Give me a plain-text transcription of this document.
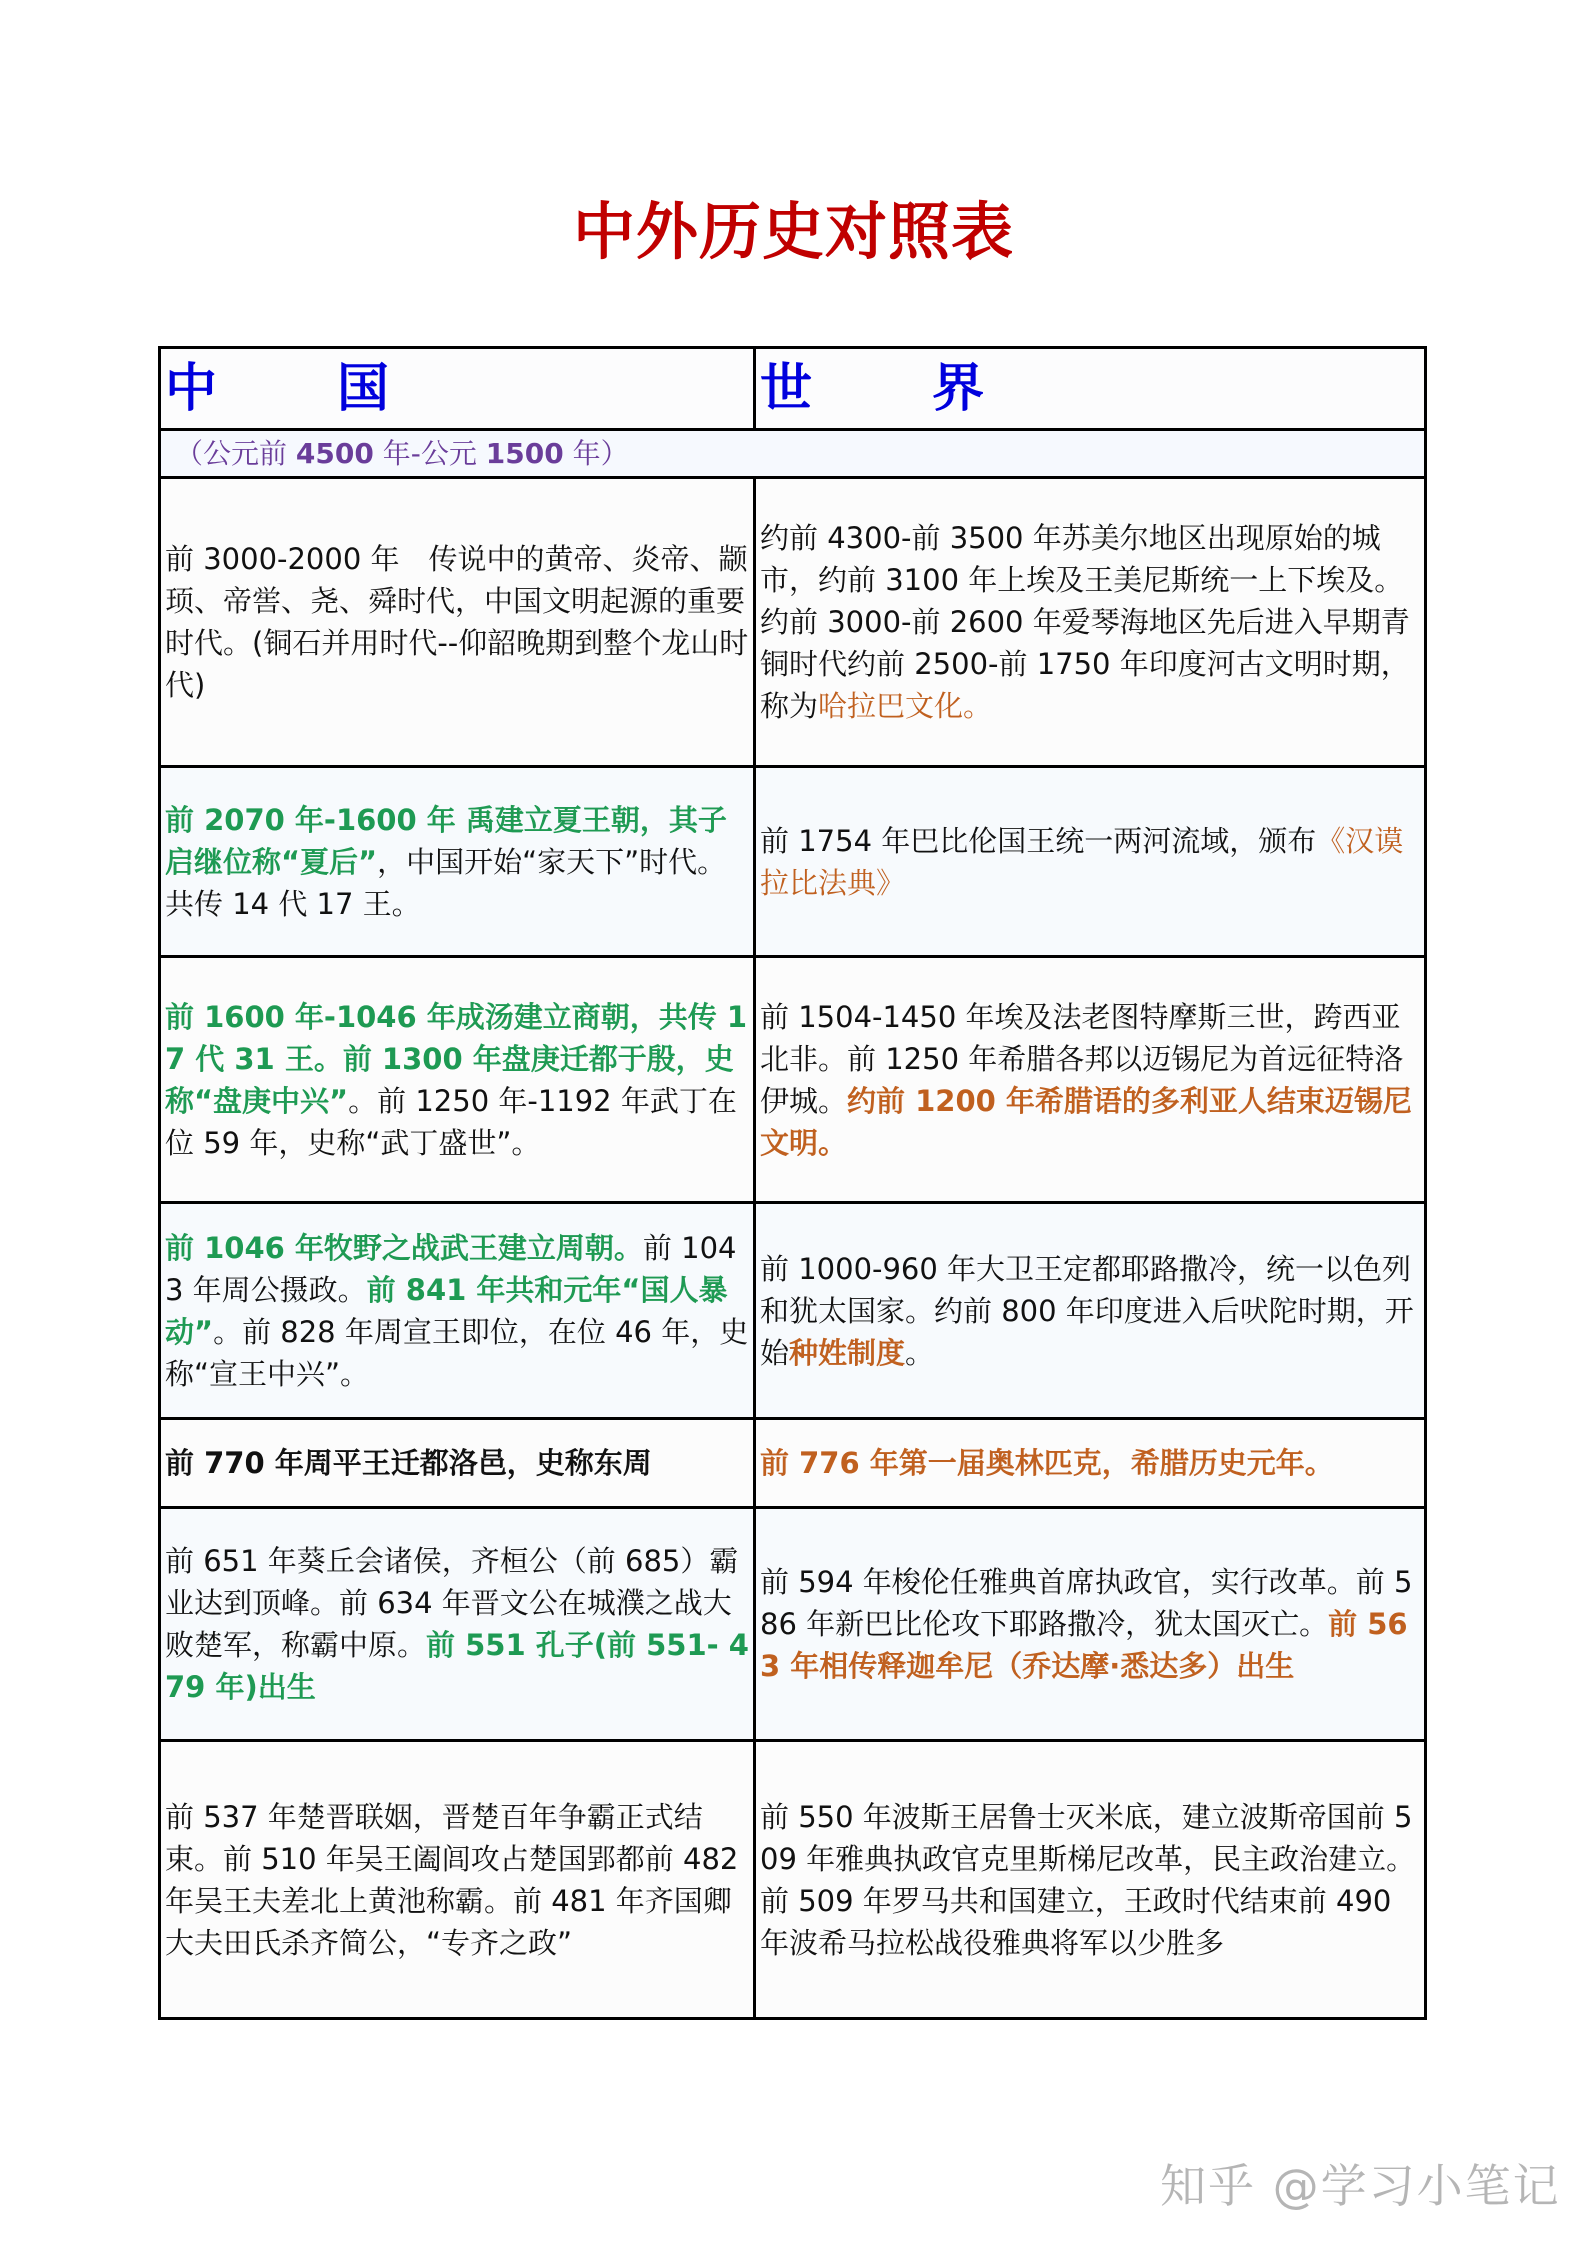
中外历史对照表
中 国	世 界
（公元前 4500 年-公元 1500 年）	
前 3000-2000 年　传说中的黄帝、炎帝、颛顼、帝喾、尧、舜时代，中国文明起源的重要时代。(铜石并用时代--仰韶晚期到整个龙山时代)	约前 4300-前 3500 年苏美尔地区出现原始的城市，约前 3100 年上埃及王美尼斯统一上下埃及。约前 3000-前 2600 年爱琴海地区先后进入早期青铜时代约前 2500-前 1750 年印度河古文明时期，称为哈拉巴文化。
前 2070 年-1600 年 禹建立夏王朝，其子启继位称“夏后”，中国开始“家天下”时代。共传 14 代 17 王。	前 1754 年巴比伦国王统一两河流域，颁布《汉谟拉比法典》
前 1600 年-1046 年成汤建立商朝，共传 17 代 31 王。前 1300 年盘庚迁都于殷，史称“盘庚中兴”。前 1250 年-1192 年武丁在位 59 年，史称“武丁盛世”。	前 1504-1450 年埃及法老图特摩斯三世，跨西亚北非。前 1250 年希腊各邦以迈锡尼为首远征特洛伊城。约前 1200 年希腊语的多利亚人结束迈锡尼文明。
前 1046 年牧野之战武王建立周朝。前 1043 年周公摄政。前 841 年共和元年“国人暴动”。前 828 年周宣王即位，在位 46 年，史称“宣王中兴”。	前 1000-960 年大卫王定都耶路撒冷，统一以色列和犹太国家。约前 800 年印度进入后吠陀时期，开始种姓制度。
前 770 年周平王迁都洛邑，史称东周	前 776 年第一届奥林匹克，希腊历史元年。
前 651 年葵丘会诸侯，齐桓公（前 685）霸业达到顶峰。前 634 年晋文公在城濮之战大败楚军，称霸中原。前 551 孔子(前 551- 479 年)出生	前 594 年梭伦任雅典首席执政官，实行改革。前 586 年新巴比伦攻下耶路撒冷，犹太国灭亡。前 563 年相传释迦牟尼（乔达摩·悉达多）出生
前 537 年楚晋联姻，晋楚百年争霸正式结束。前 510 年吴王阖闾攻占楚国郢都前 482 年吴王夫差北上黄池称霸。前 481 年齐国卿大夫田氏杀齐简公，“专齐之政”	前 550 年波斯王居鲁士灭米底，建立波斯帝国前 509 年雅典执政官克里斯梯尼改革，民主政治建立。前 509 年罗马共和国建立，王政时代结束前 490 年波希马拉松战役雅典将军以少胜多
知乎 @学习小笔记
